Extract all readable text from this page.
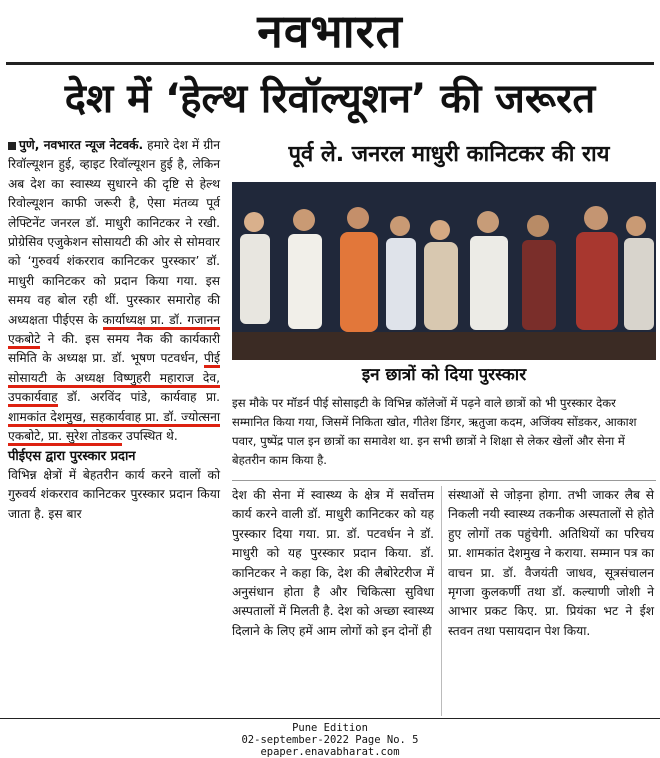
नवभारत
देश में ‘हेल्थ रिवॉल्यूशन’ की जरूरत

पुणे, नवभारत न्यूज नेटवर्क. हमारे देश में ग्रीन रिवॉल्यूशन हुई, व्हाइट रिवॉल्यूशन हुई है, लेकिन अब देश का स्वास्थ्य सुधारने की दृष्टि से हेल्थ रिवोल्यूशन काफी जरूरी है, ऐसा मंतव्य पूर्व लेफ्टिनेंट जनरल डॉ. माधुरी कानिटकर ने रखी. प्रोग्रेसिव एजुकेशन सोसायटी की ओर से सोमवार को ‘गुरुवर्य शंकरराव कानिटकर पुरस्कार’ डॉ. माधुरी कानिटकर को प्रदान किया गया. इस समय वह बोल रही थीं. पुरस्कार समारोह की अध्यक्षता पीईएस के कार्याध्यक्ष प्रा. डॉ. गजानन एकबोटे ने की. इस समय नैक की कार्यकारी समिति के अध्यक्ष प्रा. डॉ. भूषण पटवर्धन, पीई सोसायटी के अध्यक्ष विष्णुहरी महाराज देव, उपकार्यवाह डॉ. अरविंद पांडे, कार्यवाह प्रा. शामकांत देशमुख, सहकार्यवाह प्रा. डॉ. ज्योत्सना एकबोटे, प्रा. सुरेश तोडकर उपस्थित थे.

पीईएस द्वारा पुरस्कार प्रदान

विभिन्न क्षेत्रों में बेहतरीन कार्य करने वालों को गुरुवर्य शंकरराव कानिटकर पुरस्कार प्रदान किया जाता है. इस बार

पूर्व ले. जनरल माधुरी कानिटकर की राय
इन छात्रों को दिया पुरस्कार
इस मौके पर मॉडर्न पीई सोसाइटी के विभिन्न कॉलेजों में पढ़ने वाले छात्रों को भी पुरस्कार देकर सम्मानित किया गया, जिसमें निकिता खोत, गीतेश डिंगर, ऋतुजा कदम, अजिंक्य सोंडकर, आकाश पवार, पुष्पेंद्र पाल इन छात्रों का समावेश था. इन सभी छात्रों ने शिक्षा से लेकर खेलों और सेना में बेहतरीन काम किया है.
देश की सेना में स्वास्थ्य के क्षेत्र में सर्वोत्तम कार्य करने वाली डॉ. माधुरी कानिटकर को यह पुरस्कार दिया गया. प्रा. डॉ. पटवर्धन ने डॉ. माधुरी को यह पुरस्कार प्रदान किया. डॉ. कानिटकर ने कहा कि, देश की लैबोरेटरीज में अनुसंधान होता है और चिकित्सा सुविधा अस्पतालों में मिलती है. देश को अच्छा स्वास्थ्य दिलाने के लिए हमें आम लोगों को इन दोनों ही
संस्थाओं से जोड़ना होगा. तभी जाकर लैब से निकली नयी स्वास्थ्य तकनीक अस्पतालों से होते हुए लोगों तक पहुंचेगी. अतिथियों का परिचय प्रा. शामकांत देशमुख ने कराया. सम्मान पत्र का वाचन प्रा. डॉ. वैजयंती जाधव, सूत्रसंचालन मृगजा कुलकर्णी तथा डॉ. कल्याणी जोशी ने आभार प्रकट किए. प्रा. प्रियंका भट ने ईश स्तवन तथा पसायदान पेश किया.
Pune Edition
02-september-2022 Page No. 5
epaper.enavabharat.com
